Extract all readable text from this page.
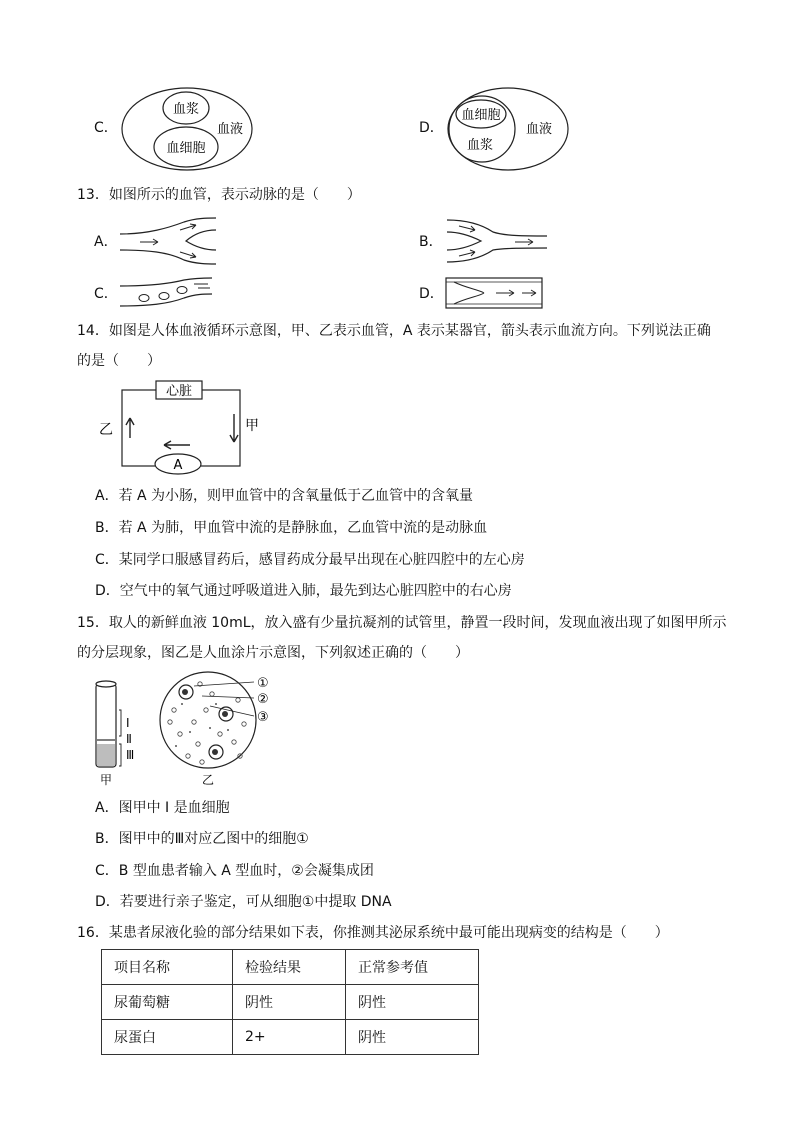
C．
血浆
血细胞
血液	D．
血细胞
血浆
血液
13．如图所示的血管，表示动脉的是（　　）
A．	B．
C．	D．
14．如图是人体血液循环示意图，甲、乙表示血管，A 表示某器官，箭头表示血流方向。下列说法正确
的是（　　）
心脏
A
乙	甲
A．若 A 为小肠，则甲血管中的含氧量低于乙血管中的含氧量
B．若 A 为肺，甲血管中流的是静脉血，乙血管中流的是动脉血
C．某同学口服感冒药后，感冒药成分最早出现在心脏四腔中的左心房
D．空气中的氧气通过呼吸道进入肺，最先到达心脏四腔中的右心房
15．取人的新鲜血液 10mL，放入盛有少量抗凝剂的试管里，静置一段时间，发现血液出现了如图甲所示
的分层现象，图乙是人血涂片示意图，下列叙述正确的（　　）
Ⅰ
Ⅱ
Ⅲ
甲
①
②
③
乙
A．图甲中 I 是血细胞
B．图甲中的Ⅲ对应乙图中的细胞①
C．B 型血患者输入 A 型血时，②会凝集成团
D．若要进行亲子鉴定，可从细胞①中提取 DNA
16．某患者尿液化验的部分结果如下表，你推测其泌尿系统中最可能出现病变的结构是（　　）
项目名称	检验结果	正常参考值
尿葡萄糖	阴性	阴性
尿蛋白	2+	阴性
